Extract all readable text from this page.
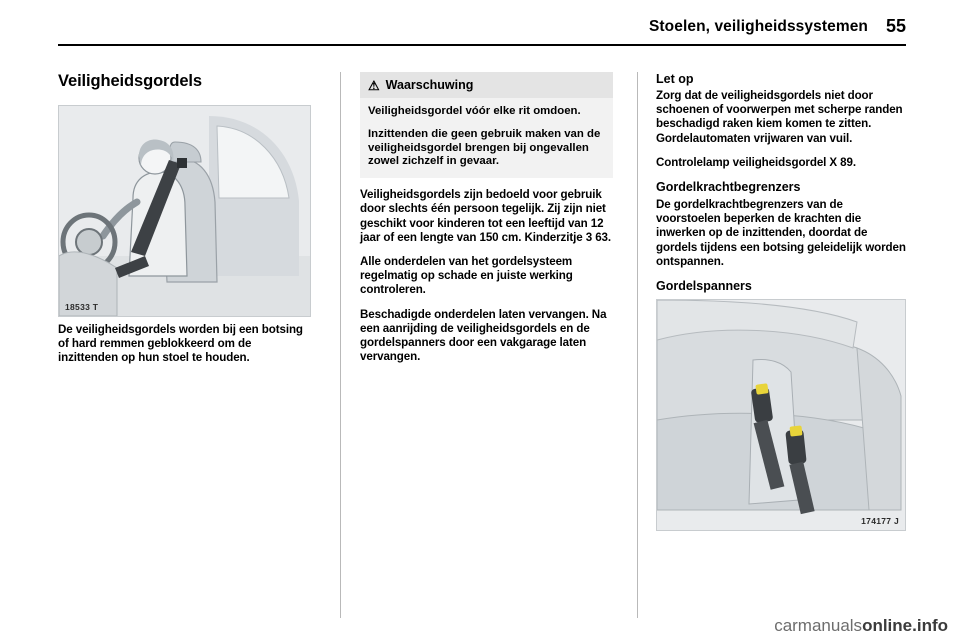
Stoelen, veiligheidssystemen 55
Veiligheidsgordels
18533 T

De veiligheidsgordels worden bij een botsing of hard remmen geblokkeerd om de inzittenden op hun stoel te houden.

⚠ Waarschuwing

Veiligheidsgordel vóór elke rit omdoen.

Inzittenden die geen gebruik maken van de veiligheidsgordel brengen bij ongevallen zowel zichzelf in gevaar.

Veiligheidsgordels zijn bedoeld voor gebruik door slechts één persoon tegelijk. Zij zijn niet geschikt voor kinderen tot een leeftijd van 12 jaar of een lengte van 150 cm. Kinderzitje 3 63.

Alle onderdelen van het gordelsysteem regelmatig op schade en juiste werking controleren.

Beschadigde onderdelen laten vervangen. Na een aanrijding de veiligheidsgordels en de gordelspanners door een vakgarage laten vervangen.

Let op

Zorg dat de veiligheidsgordels niet door schoenen of voorwerpen met scherpe randen beschadigd raken kiem komen te zitten. Gordelautomaten vrijwaren van vuil.

Controlelamp veiligheidsgordel X 89.

Gordelkrachtbegrenzers

De gordelkrachtbegrenzers van de voorstoelen beperken de krachten die inwerken op de inzittenden, doordat de gordels tijdens een botsing geleidelijk worden ontspannen.

Gordelspanners
174177 J
carmanualsonline.info
